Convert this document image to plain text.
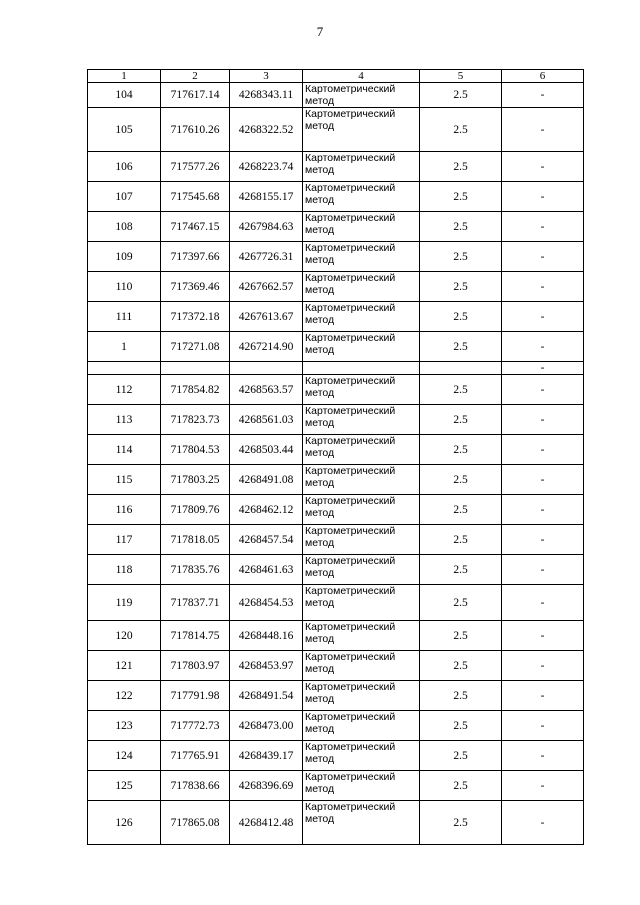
7
1	2	3	4	5	6
104	717617.14	4268343.11	Картометрический метод	2.5	-
105	717610.26	4268322.52	Картометрический метод	2.5	-
106	717577.26	4268223.74	Картометрический метод	2.5	-
107	717545.68	4268155.17	Картометрический метод	2.5	-
108	717467.15	4267984.63	Картометрический метод	2.5	-
109	717397.66	4267726.31	Картометрический метод	2.5	-
110	717369.46	4267662.57	Картометрический метод	2.5	-
111	717372.18	4267613.67	Картометрический метод	2.5	-
1	717271.08	4267214.90	Картометрический метод	2.5	-
					-
112	717854.82	4268563.57	Картометрический метод	2.5	-
113	717823.73	4268561.03	Картометрический метод	2.5	-
114	717804.53	4268503.44	Картометрический метод	2.5	-
115	717803.25	4268491.08	Картометрический метод	2.5	-
116	717809.76	4268462.12	Картометрический метод	2.5	-
117	717818.05	4268457.54	Картометрический метод	2.5	-
118	717835.76	4268461.63	Картометрический метод	2.5	-
119	717837.71	4268454.53	Картометрический метод	2.5	-
120	717814.75	4268448.16	Картометрический метод	2.5	-
121	717803.97	4268453.97	Картометрический метод	2.5	-
122	717791.98	4268491.54	Картометрический метод	2.5	-
123	717772.73	4268473.00	Картометрический метод	2.5	-
124	717765.91	4268439.17	Картометрический метод	2.5	-
125	717838.66	4268396.69	Картометрический метод	2.5	-
126	717865.08	4268412.48	Картометрический метод	2.5	-
